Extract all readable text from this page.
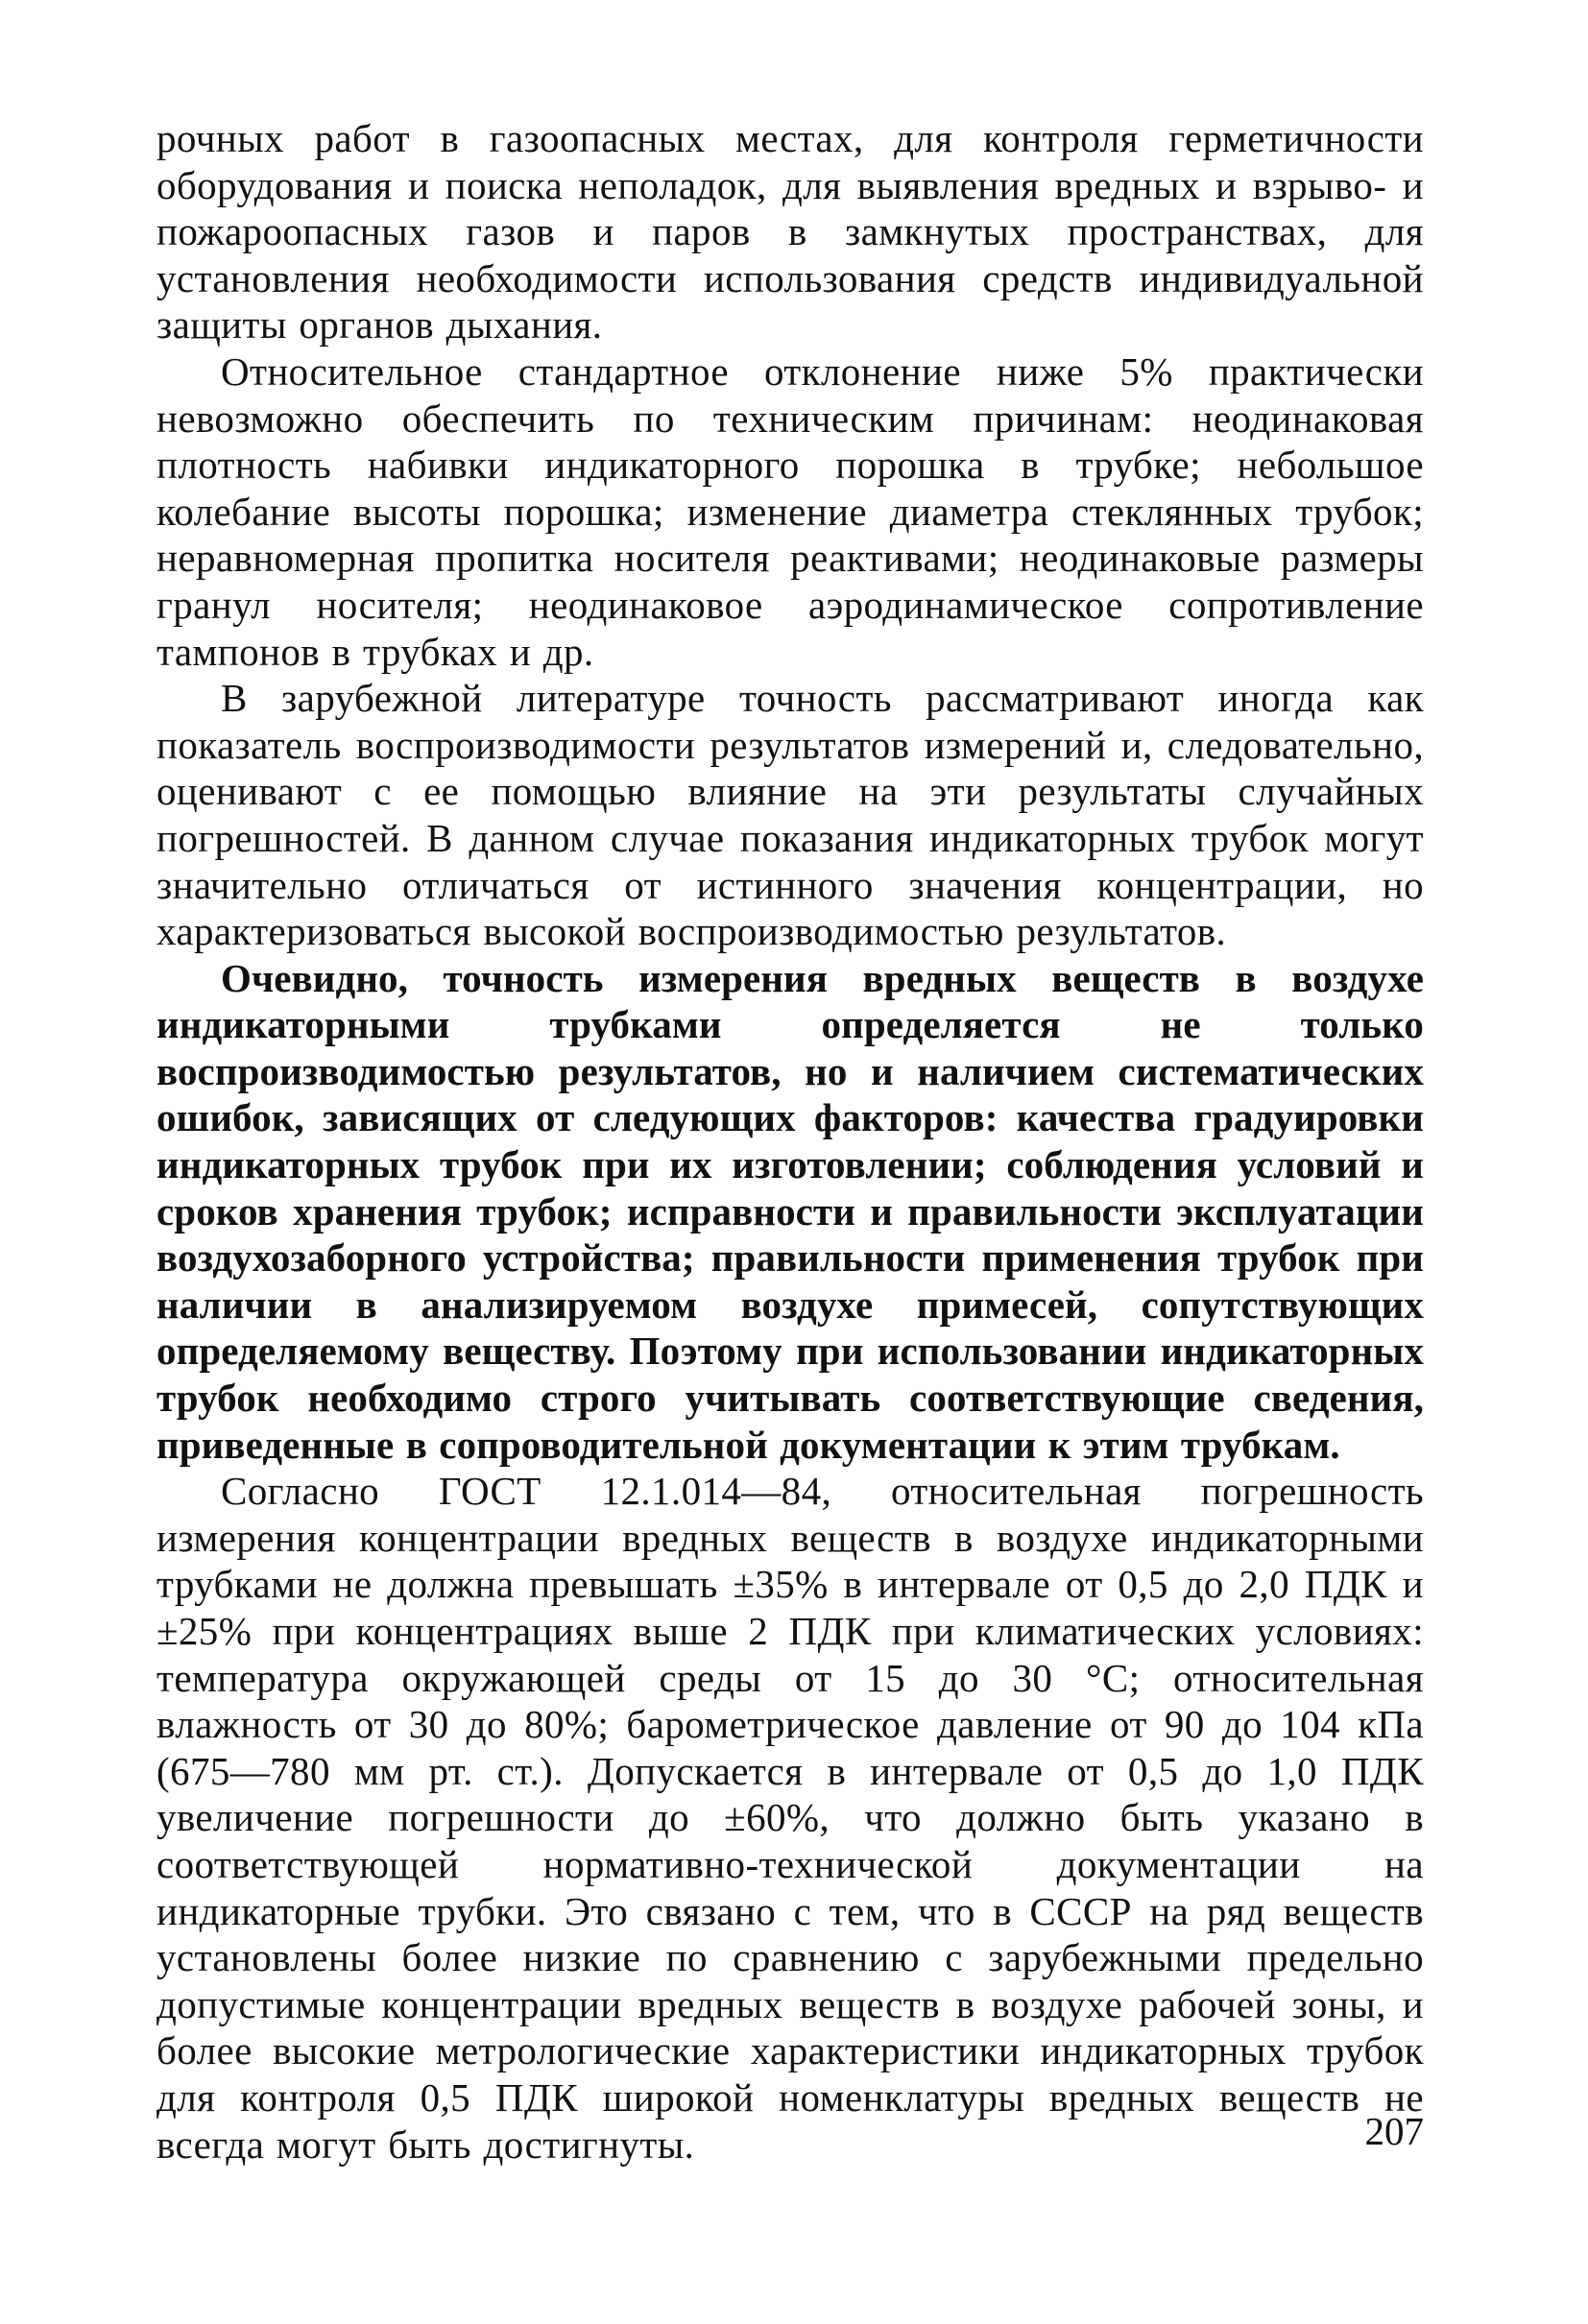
рочных работ в газоопасных местах, для контроля герметичности оборудования и поиска неполадок, для выявления вредных и взрыво- и пожароопасных газов и паров в замкнутых пространствах, для установления необходимости использования средств индивидуальной защиты органов дыхания.

Относительное стандартное отклонение ниже 5% практически невозможно обеспечить по техническим причинам: неодинаковая плотность набивки индикаторного порошка в трубке; небольшое колебание высоты порошка; изменение диаметра стеклянных трубок; неравномерная пропитка носителя реактивами; неодинаковые размеры гранул носителя; неодинаковое аэродинамическое сопротивление тампонов в трубках и др.

В зарубежной литературе точность рассматривают иногда как показатель воспроизводимости результатов измерений и, следовательно, оценивают с ее помощью влияние на эти результаты случайных погрешностей. В данном случае показания индикаторных трубок могут значительно отличаться от истинного значения концентрации, но характеризоваться высокой воспроизводимостью результатов.

Очевидно, точность измерения вредных веществ в воздухе индикаторными трубками определяется не только воспроизводимостью результатов, но и наличием систематических ошибок, зависящих от следующих факторов: качества градуировки индикаторных трубок при их изготовлении; соблюдения условий и сроков хранения трубок; исправности и правильности эксплуатации воздухозаборного устройства; правильности применения трубок при наличии в анализируемом воздухе примесей, сопутствующих определяемому веществу. Поэтому при использовании индикаторных трубок необходимо строго учитывать соответствующие сведения, приведенные в сопроводительной документации к этим трубкам.

Согласно ГОСТ 12.1.014—84, относительная погрешность измерения концентрации вредных веществ в воздухе индикаторными трубками не должна превышать ±35% в интервале от 0,5 до 2,0 ПДК и ±25% при концентрациях выше 2 ПДК при климатических условиях: температура окружающей среды от 15 до 30 °C; относительная влажность от 30 до 80%; барометрическое давление от 90 до 104 кПа (675—780 мм рт. ст.). Допускается в интервале от 0,5 до 1,0 ПДК увеличение погрешности до ±60%, что должно быть указано в соответствующей нормативно-технической документации на индикаторные трубки. Это связано с тем, что в СССР на ряд веществ установлены более низкие по сравнению с зарубежными предельно допустимые концентрации вредных веществ в воздухе рабочей зоны, и более высокие метрологические характеристики индикаторных трубок для контроля 0,5 ПДК широкой номенклатуры вредных веществ не всегда могут быть достигнуты.	207
